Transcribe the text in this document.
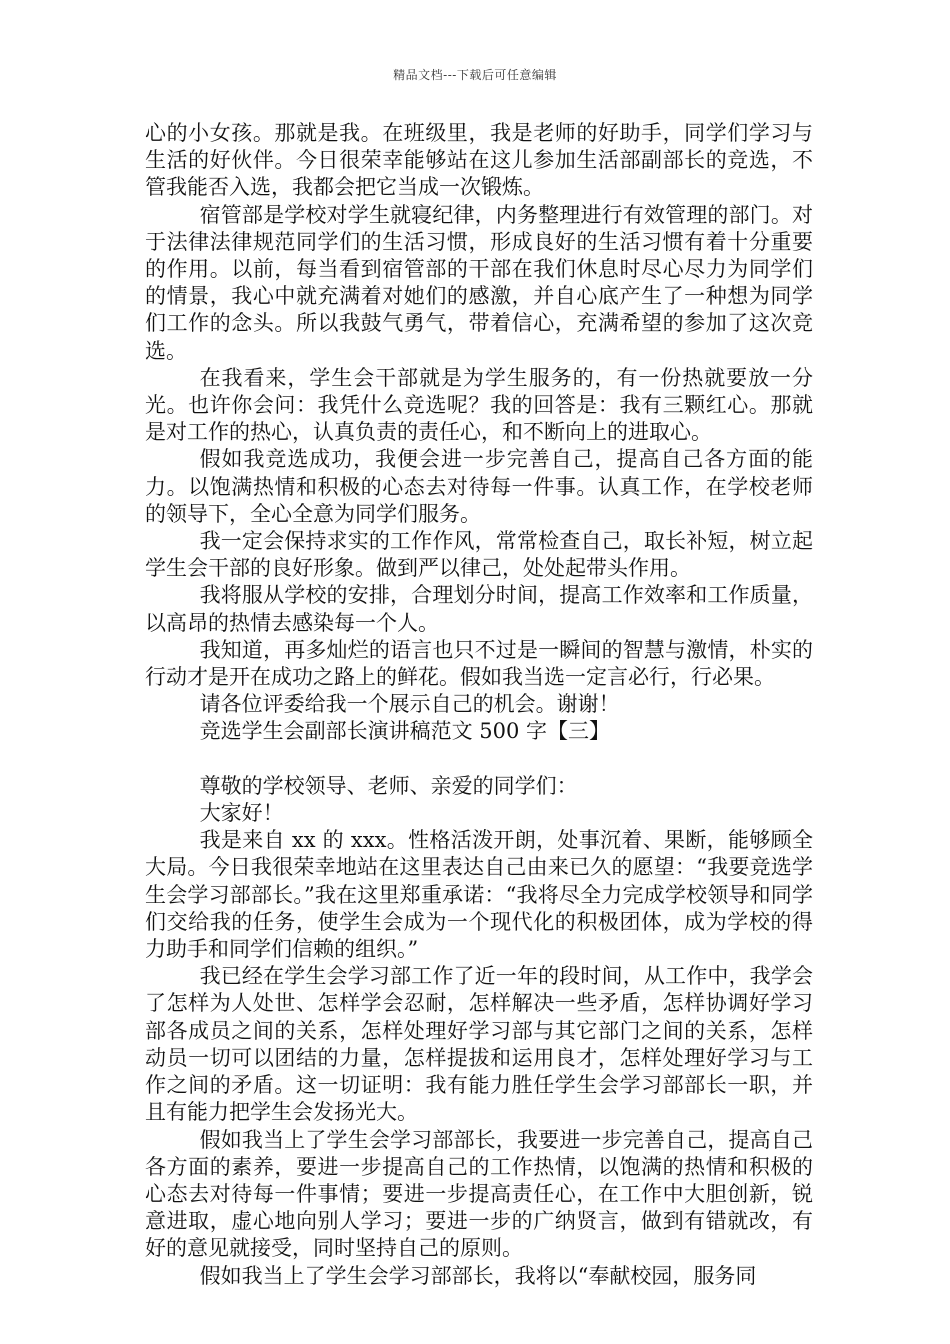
精品文档---下载后可任意编辑

心的小女孩。那就是我。在班级里，我是老师的好助手，同学们学习与生活的好伙伴。今日很荣幸能够站在这儿参加生活部副部长的竞选，不管我能否入选，我都会把它当成一次锻炼。

宿管部是学校对学生就寝纪律，内务整理进行有效管理的部门。对于法律法律规范同学们的生活习惯，形成良好的生活习惯有着十分重要的作用。以前，每当看到宿管部的干部在我们休息时尽心尽力为同学们的情景，我心中就充满着对她们的感激，并自心底产生了一种想为同学们工作的念头。所以我鼓气勇气，带着信心，充满希望的参加了这次竞选。

在我看来，学生会干部就是为学生服务的，有一份热就要放一分光。也许你会问：我凭什么竞选呢？我的回答是：我有三颗红心。那就是对工作的热心，认真负责的责任心，和不断向上的进取心。

假如我竞选成功，我便会进一步完善自己，提高自己各方面的能力。以饱满热情和积极的心态去对待每一件事。认真工作，在学校老师的领导下，全心全意为同学们服务。

我一定会保持求实的工作作风，常常检查自己，取长补短，树立起学生会干部的良好形象。做到严以律己，处处起带头作用。

我将服从学校的安排，合理划分时间，提高工作效率和工作质量，以高昂的热情去感染每一个人。

我知道，再多灿烂的语言也只不过是一瞬间的智慧与激情，朴实的行动才是开在成功之路上的鲜花。假如我当选一定言必行，行必果。

请各位评委给我一个展示自己的机会。谢谢！

竞选学生会副部长演讲稿范文 500 字【三】

尊敬的学校领导、老师、亲爱的同学们：

大家好！

我是来自 xx 的 xxx。性格活泼开朗，处事沉着、果断，能够顾全大局。今日我很荣幸地站在这里表达自己由来已久的愿望：“我要竞选学生会学习部部长。”我在这里郑重承诺：“我将尽全力完成学校领导和同学们交给我的任务，使学生会成为一个现代化的积极团体，成为学校的得力助手和同学们信赖的组织。”

我已经在学生会学习部工作了近一年的段时间，从工作中，我学会了怎样为人处世、怎样学会忍耐，怎样解决一些矛盾，怎样协调好学习部各成员之间的关系，怎样处理好学习部与其它部门之间的关系，怎样动员一切可以团结的力量，怎样提拔和运用良才，怎样处理好学习与工作之间的矛盾。这一切证明：我有能力胜任学生会学习部部长一职，并且有能力把学生会发扬光大。

假如我当上了学生会学习部部长，我要进一步完善自己，提高自己各方面的素养，要进一步提高自己的工作热情，以饱满的热情和积极的心态去对待每一件事情；要进一步提高责任心，在工作中大胆创新，锐意进取，虚心地向别人学习；要进一步的广纳贤言，做到有错就改，有好的意见就接受，同时坚持自己的原则。

假如我当上了学生会学习部部长，我将以“奉献校园，服务同
